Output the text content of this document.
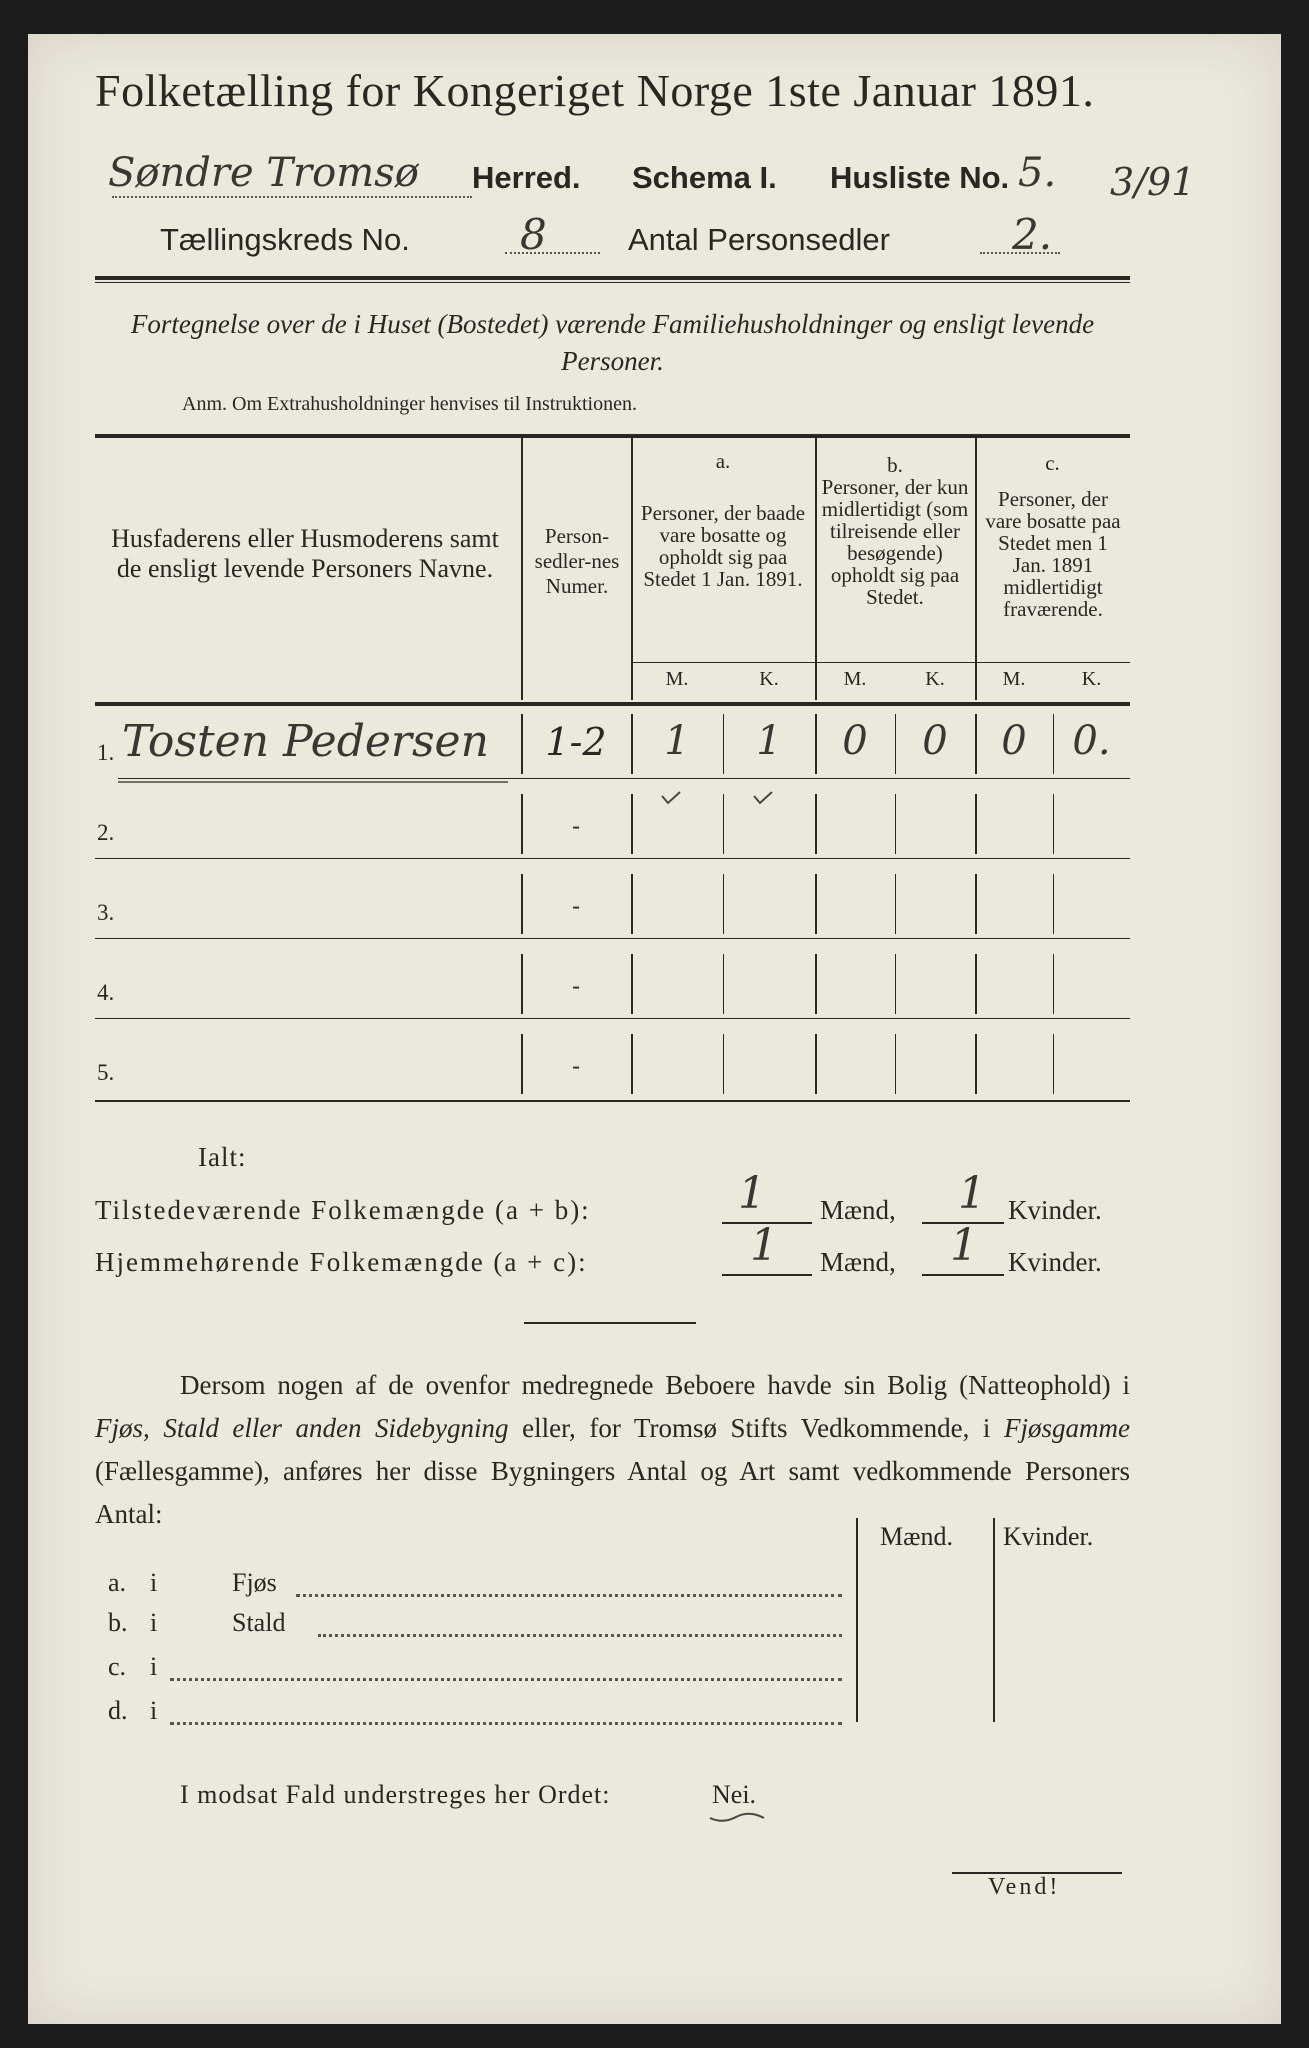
Folketælling for Kongeriget Norge 1ste Januar 1891.
Søndre Tromsø Herred. Schema I. Husliste No. 5. 3/91
Tællingskreds No.	8	Antal Personsedler	2.
Fortegnelse over de i Huset (Bostedet) værende Familiehusholdninger og ensligt levende Personer.
Anm. Om Extrahusholdninger henvises til Instruktionen.
Husfaderens eller Husmoderens samt de ensligt levende Personers Navne.
Person-sedler-nes Numer.
a.
Personer, der baade vare bosatte og opholdt sig paa Stedet 1 Jan. 1891.
b.
Personer, der kun midlertidigt (som tilreisende eller besøgende) opholdt sig paa Stedet.
c.
Personer, der vare bosatte paa Stedet men 1 Jan. 1891 midlertidigt fraværende.
M.	K.	M.	K.	M.	K.
1. Tosten Pedersen	1-2	1	1	0	0	0	0.
2.	-
3.	-
4.	-
5.	-
Ialt:
Tilstedeværende Folkemængde (a + b):	1 Mænd, 1 Kvinder.
Hjemmehørende Folkemængde (a + c):	1 Mænd, 1 Kvinder.
Dersom nogen af de ovenfor medregnede Beboere havde sin Bolig (Natteophold) i Fjøs, Stald eller anden Sidebygning eller, for Tromsø Stifts Vedkommende, i Fjøsgamme (Fællesgamme), anføres her disse Bygningers Antal og Art samt vedkommende Personers Antal:
Mænd. Kvinder.
a. i	Fjøs
b. i	Stald
c. i
d. i
I modsat Fald understreges her Ordet:	Nei.
Vend!
